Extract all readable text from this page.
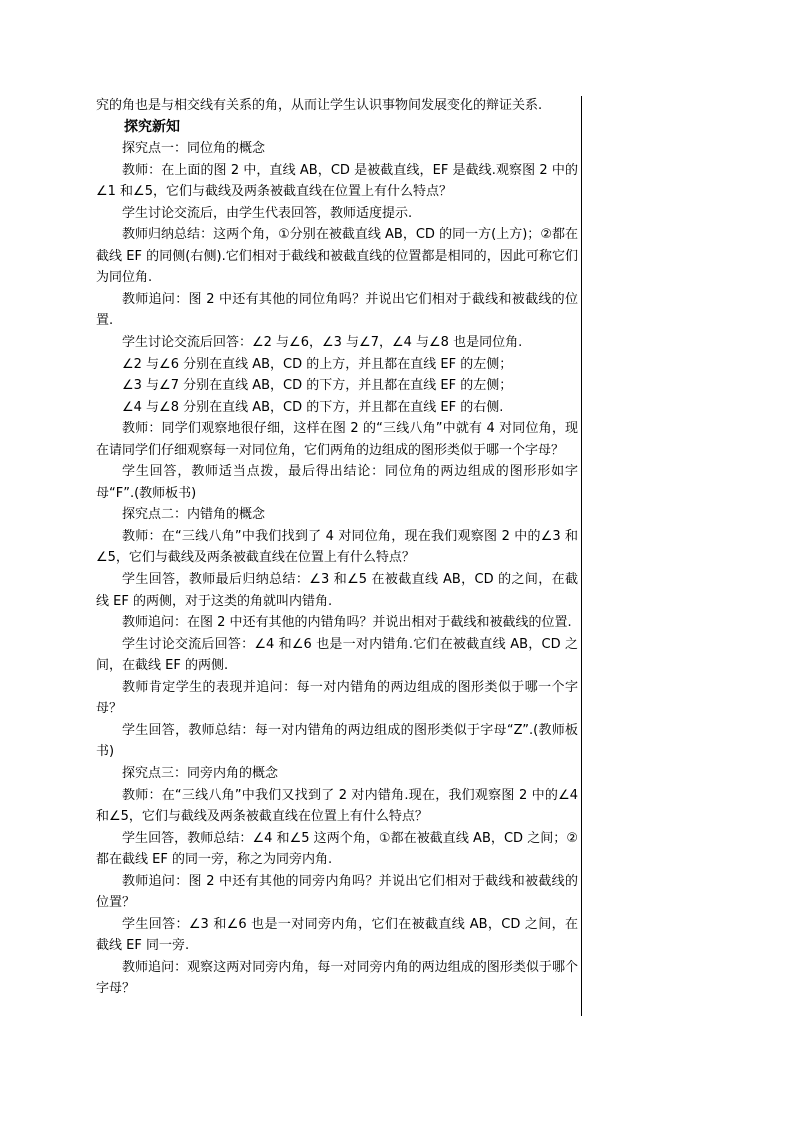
究的角也是与相交线有关系的角，从而让学生认识事物间发展变化的辩证关系.

探究新知

探究点一：同位角的概念

教师：在上面的图 2 中，直线 AB，CD 是被截直线，EF 是截线.观察图 2 中的∠1 和∠5，它们与截线及两条被截直线在位置上有什么特点？

学生讨论交流后，由学生代表回答，教师适度提示.

教师归纳总结：这两个角，①分别在被截直线 AB，CD 的同一方(上方)；②都在截线 EF 的同侧(右侧).它们相对于截线和被截直线的位置都是相同的，因此可称它们为同位角.

教师追问：图 2 中还有其他的同位角吗？并说出它们相对于截线和被截线的位置.

学生讨论交流后回答：∠2 与∠6，∠3 与∠7，∠4 与∠8 也是同位角.

∠2 与∠6 分别在直线 AB，CD 的上方，并且都在直线 EF 的左侧；

∠3 与∠7 分别在直线 AB，CD 的下方，并且都在直线 EF 的左侧；

∠4 与∠8 分别在直线 AB，CD 的下方，并且都在直线 EF 的右侧.

教师：同学们观察地很仔细，这样在图 2 的“三线八角”中就有 4 对同位角，现在请同学们仔细观察每一对同位角，它们两角的边组成的图形类似于哪一个字母？

学生回答，教师适当点拨，最后得出结论：同位角的两边组成的图形形如字母“F”.(教师板书)

探究点二：内错角的概念

教师：在“三线八角”中我们找到了 4 对同位角，现在我们观察图 2 中的∠3 和∠5，它们与截线及两条被截直线在位置上有什么特点？

学生回答，教师最后归纳总结：∠3 和∠5 在被截直线 AB，CD 的之间，在截线 EF 的两侧，对于这类的角就叫内错角.

教师追问：在图 2 中还有其他的内错角吗？并说出相对于截线和被截线的位置.

学生讨论交流后回答：∠4 和∠6 也是一对内错角.它们在被截直线 AB，CD 之间，在截线 EF 的两侧.

教师肯定学生的表现并追问：每一对内错角的两边组成的图形类似于哪一个字母？

学生回答，教师总结：每一对内错角的两边组成的图形类似于字母“Z”.(教师板书)

探究点三：同旁内角的概念

教师：在“三线八角”中我们又找到了 2 对内错角.现在，我们观察图 2 中的∠4 和∠5，它们与截线及两条被截直线在位置上有什么特点？

学生回答，教师总结：∠4 和∠5 这两个角，①都在被截直线 AB，CD 之间；②都在截线 EF 的同一旁，称之为同旁内角.

教师追问：图 2 中还有其他的同旁内角吗？并说出它们相对于截线和被截线的位置？

学生回答：∠3 和∠6 也是一对同旁内角，它们在被截直线 AB，CD 之间，在截线 EF 同一旁.

教师追问：观察这两对同旁内角，每一对同旁内角的两边组成的图形类似于哪个字母？
